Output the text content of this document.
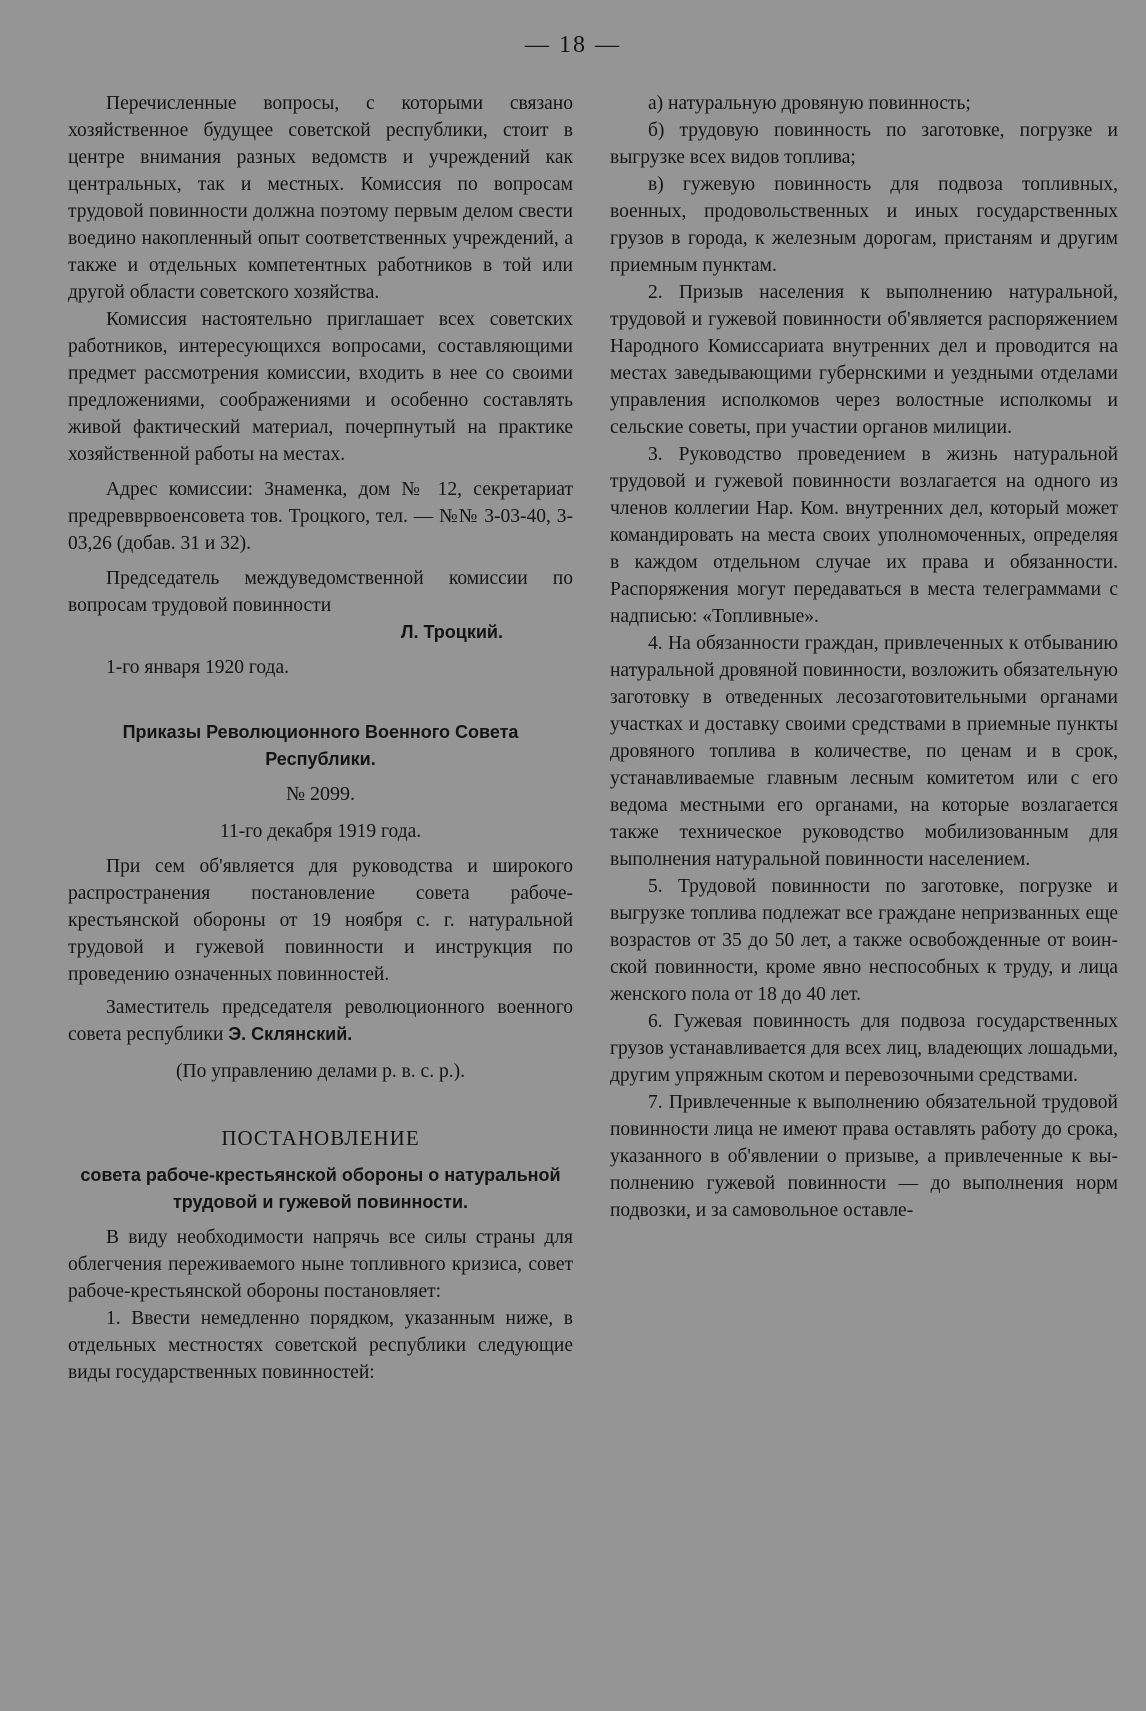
— 18 —

Перечисленные вопросы, с которыми связано хозяйственное будущее советской республики, стоит в центре внимания разных ведомств и учреждений как центральных, так и местных. Комиссия по вопросам трудовой повинности должна поэтому первым делом свести воедино накопленный опыт соответственных учреждений, а также и отдельных компетентных работников в той или другой области советского хозяйства.

Комиссия настоятельно приглашает всех советских работников, интересующихся вопросами, составляющими предмет рассмотрения комиссии, входить в нее со своими предложениями, соображениями и особенно составлять живой фактический материал, почерпнутый на практике хозяйственной работы на местах.

Адрес комиссии: Знаменка, дом № 12, секретариат предревврвоенсовета тов. Троцкого, тел. — №№ 3-03-40, 3-03,26 (добав. 31 и 32).

Председатель междуведомственной комиссии по вопросам трудовой повинности
Л. Троцкий.

1-го января 1920 года.

Приказы Революционного Военного Совета Республики.
№ 2099.
11-го декабря 1919 года.

При сем об'является для руководства и широкого распространения постановление совета рабоче-крестьянской обороны от 19 ноября с. г. натуральной трудовой и гужевой повинности и инструкция по проведению означенных повинностей.

Заместитель председателя революционного военного совета республики Э. Склянский.

(По управлению делами р. в. с. р.).

ПОСТАНОВЛЕНИЕ
совета рабоче-крестьянской обороны о натуральной трудовой и гужевой повинности.

В виду необходимости напрячь все силы страны для облегчения переживаемого ныне топливного кризиса, совет рабоче-крестьянской обороны постановляет:

1. Ввести немедленно порядком, указанным ниже, в отдельных местностях советской республики следующие виды государственных повинностей:

а) натуральную дровяную повинность;

б) трудовую повинность по заготовке, погрузке и выгрузке всех видов топлива;

в) гужевую повинность для подвоза топливных, военных, продовольственных и иных государственных грузов в города, к железным дорогам, пристаням и другим приемным пунктам.

2. Призыв населения к выполнению натуральной, трудовой и гужевой повинности об'является распоряжением Народного Комиссариата внутренних дел и проводится на местах заведывающими губернскими и уездными отделами управления исполкомов через волостные исполкомы и сельские советы, при участии органов милиции.

3. Руководство проведением в жизнь натуральной трудовой и гужевой повинности возлагается на одного из членов коллегии Нар. Ком. внутренних дел, который может командировать на места своих уполномоченных, определяя в каждом отдельном случае их права и обязанности. Распоряжения могут передаваться в места телеграммами с надписью: «Топливные».

4. На обязанности граждан, привлеченных к отбыванию натуральной дровяной повинности, возложить обязательную заготовку в отведенных лесозаготовительными органами участках и доставку своими средствами в приемные пункты дровяного топлива в количестве, по ценам и в срок, устанавливаемые главным лесным комитетом или с его ведома местными его органами, на которые возлагается также техническое руководство мобилизованным для выполнения натуральной повинности населением.

5. Трудовой повинности по заготовке, погрузке и выгрузке топлива подлежат все граждане непризванных еще возрастов от 35 до 50 лет, а также освобожденные от воинской повинности, кроме явно неспособных к труду, и лица женского пола от 18 до 40 лет.

6. Гужевая повинность для подвоза государственных грузов устанавливается для всех лиц, владеющих лошадьми, другим упряжным скотом и перевозочными средствами.

7. Привлеченные к выполнению обязательной трудовой повинности лица не имеют права оставлять работу до срока, указанного в об'явлении о призыве, а привлеченные к выполнению гужевой повинности — до выполнения норм подвозки, и за самовольное оставле-
